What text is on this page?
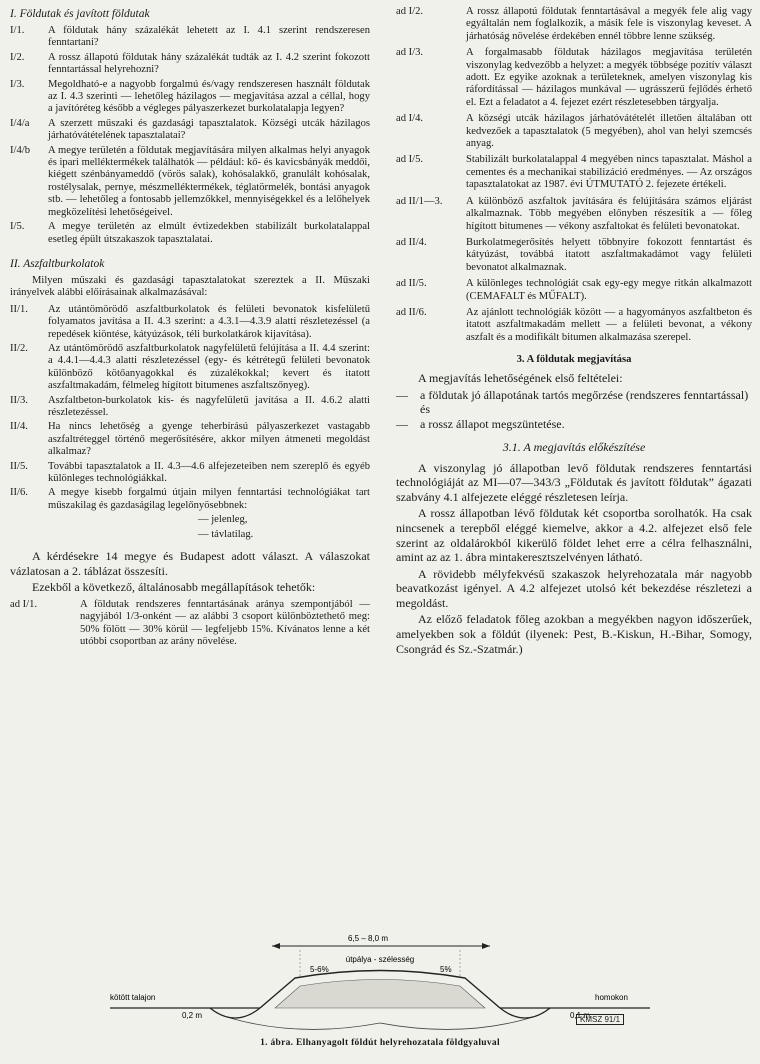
I. Földutak és javított földutak
I/1.	A földutak hány százalékát lehetett az I. 4.1 szerint rendszeresen fenntartani?
I/2.	A rossz állapotú földutak hány százalékát tudták az I. 4.2 szerint fokozott fenntartással helyrehozni?
I/3.	Megoldható-e a nagyobb forgalmú és/vagy rendszeresen használt földutak az I. 4.3 szerinti — lehetőleg házilagos — megjavítása azzal a céllal, hogy a javítóréteg később a végleges pályaszerkezet burkolatalapja legyen?
I/4/a	A szerzett műszaki és gazdasági tapasztalatok. Községi utcák házilagos járhatóvátételének tapasztalatai?
I/4/b	A megye területén a földutak megjavítására milyen alkalmas helyi anyagok és ipari melléktermékek találhatók — például: kő- és kavicsbányák meddői, kiégett szénbányameddő (vörös salak), kohósalakkő, granulált kohósalak, rostélysalak, pernye, mészmelléktermékek, téglatörmelék, bontási anyagok stb. — lehetőleg a fontosabb jellemzőkkel, mennyiségekkel és a lelőhelyek megközelítési lehetőségeivel.
I/5.	A megye területén az elmúlt évtizedekben stabilizált burkolatalappal esetleg épült útszakaszok tapasztalatai.
II. Aszfaltburkolatok

Milyen műszaki és gazdasági tapasztalatokat szereztek a II. Műszaki irányelvek alábbi előírásainak alkalmazásával:

II/1.	Az utántömörödő aszfaltburkolatok és felületi bevonatok kisfelületű folyamatos javítása a II. 4.3 szerint: a 4.3.1—4.3.9 alatti részletezéssel (a repedések kiöntése, kátyúzások, téli burkolatkárok kijavítása).
II/2.	Az utántömörödő aszfaltburkolatok nagyfelületű felújítása a II. 4.4 szerint: a 4.4.1—4.4.3 alatti részletezéssel (egy- és kétrétegű felületi bevonatok különböző kötőanyagokkal és zúzalékokkal; kevert és itatott aszfaltmakadám, félmeleg hígított bitumenes aszfaltszőnyeg).
II/3.	Aszfaltbeton-burkolatok kis- és nagyfelületű javítása a II. 4.6.2 alatti részletezéssel.
II/4.	Ha nincs lehetőség a gyenge teherbírású pályaszerkezet vastagabb aszfaltréteggel történő megerősítésére, akkor milyen átmeneti megoldást alkalmaz?
II/5.	További tapasztalatok a II. 4.3—4.6 alfejezeteiben nem szereplő és egyéb különleges technológiákkal.
II/6.	A megye kisebb forgalmú útjain milyen fenntartási technológiákat tart műszakilag és gazdaságilag legelőnyösebbnek:
— jelenleg,
— távlatilag.

A kérdésekre 14 megye és Budapest adott választ. A válaszokat vázlatosan a 2. táblázat összesíti.

Ezekből a következő, általánosabb megállapítások tehetők:

ad I/1.	A földutak rendszeres fenntartásának aránya szempontjából — nagyjából 1/3-onként — az alábbi 3 csoport különböztethető meg: 50% fölött — 30% körül — legfeljebb 15%. Kívánatos lenne a két utóbbi csoportban az arány növelése.
ad I/2.	A rossz állapotú földutak fenntartásával a megyék fele alig vagy egyáltalán nem foglalkozik, a másik fele is viszonylag keveset. A járhatóság növelése érdekében ennél többre lenne szükség.
ad I/3.	A forgalmasabb földutak házilagos megjavítása területén viszonylag kedvezőbb a helyzet: a megyék többsége pozitív választ adott. Ez egyike azoknak a területeknek, amelyen viszonylag kis ráfordítással — házilagos munkával — ugrásszerű fejlődés érhető el. Ezt a feladatot a 4. fejezet ezért részletesebben tárgyalja.
ad I/4.	A községi utcák házilagos járhatóvátételét illetően általában ott kedvezőek a tapasztalatok (5 megyében), ahol van helyi szemcsés anyag.
ad I/5.	Stabilizált burkolatalappal 4 megyében nincs tapasztalat. Máshol a cementes és a mechanikai stabilizáció eredményes. — Az országos tapasztalatokat az 1987. évi ÚTMUTATÓ 2. fejezete értékeli.
ad II/1—3.	A különböző aszfaltok javítására és felújítására számos eljárást alkalmaznak. Több megyében előnyben részesítik a — főleg hígított bitumenes — vékony aszfaltokat és felületi bevonatokat.
ad II/4.	Burkolatmegerősítés helyett többnyire fokozott fenntartást és kátyúzást, továbbá itatott aszfaltmakadámot vagy felületi bevonatot alkalmaznak.
ad II/5.	A különleges technológiát csak egy-egy megye ritkán alkalmazott (CEMAFALT és MŰFALT).
ad II/6.	Az ajánlott technológiák között — a hagyományos aszfaltbeton és itatott aszfaltmakadám mellett — a felületi bevonat, a vékony aszfalt és a modifikált bitumen alkalmazása szerepel.
3. A földutak megjavítása

A megjavítás lehetőségének első feltételei:

—	a földutak jó állapotának tartós megőrzése (rendszeres fenntartással) és
—	a rossz állapot megszüntetése.
3.1. A megjavítás előkészítése

A viszonylag jó állapotban levő földutak rendszeres fenntartási technológiáját az MI—07—343/3 „Földutak és javított földutak” ágazati szabvány 4.1 alfejezete eléggé részletesen leírja.

A rossz állapotban lévő földutak két csoportba sorolhatók. Ha csak nincsenek a terepből eléggé kiemelve, akkor a 4.2. alfejezet első fele szerint az oldalárokból kikerülő földet lehet erre a célra felhasználni, amint az az 1. ábra mintakeresztszelvényen látható.

A rövidebb mélyfekvésű szakaszok helyrehozatala már nagyobb beavatkozást igényel. A 4.2 alfejezet utolsó két bekezdése részletezi a megoldást.

Az előző feladatok főleg azokban a megyékben nagyon időszerűek, amelyekben sok a földút (ilyenek: Pest, B.-Kiskun, H.-Bihar, Somogy, Csongrád és Sz.-Szatmár.)

6,5 – 8,0 m
útpálya - szélesség
5-6%	5%
kötött talajon
0,2 m	0,1 m
homokon
KMSZ 91/1
1. ábra. Elhanyagolt földút helyrehozatala földgyaluval
